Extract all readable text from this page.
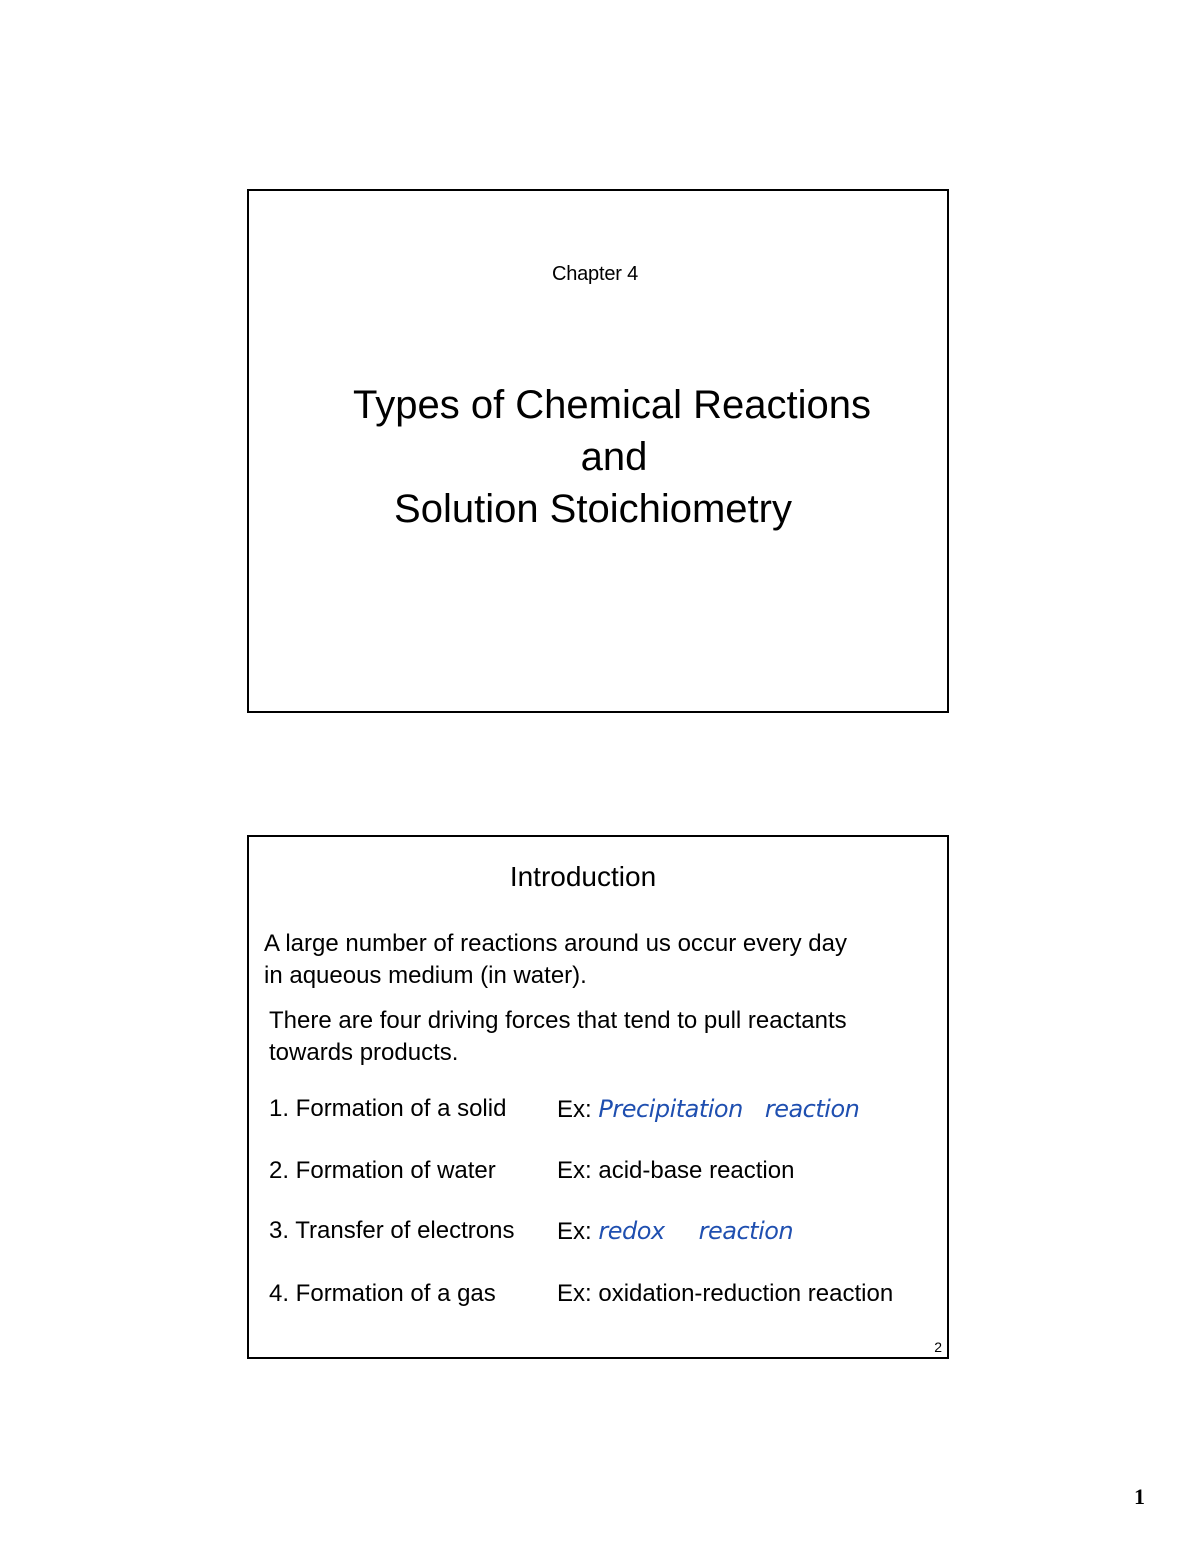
Chapter 4
Types of Chemical Reactions
and
Solution Stoichiometry
Introduction
A large number of reactions around us occur every day
in aqueous medium (in water).
There are four driving forces that tend to pull reactants
towards products.
1. Formation of a solid Ex: Precipitation reaction
2. Formation of water	Ex: acid-base reaction
3. Transfer of electrons Ex: redox reaction
4. Formation of a gas	Ex: oxidation-reduction reaction
2
1
